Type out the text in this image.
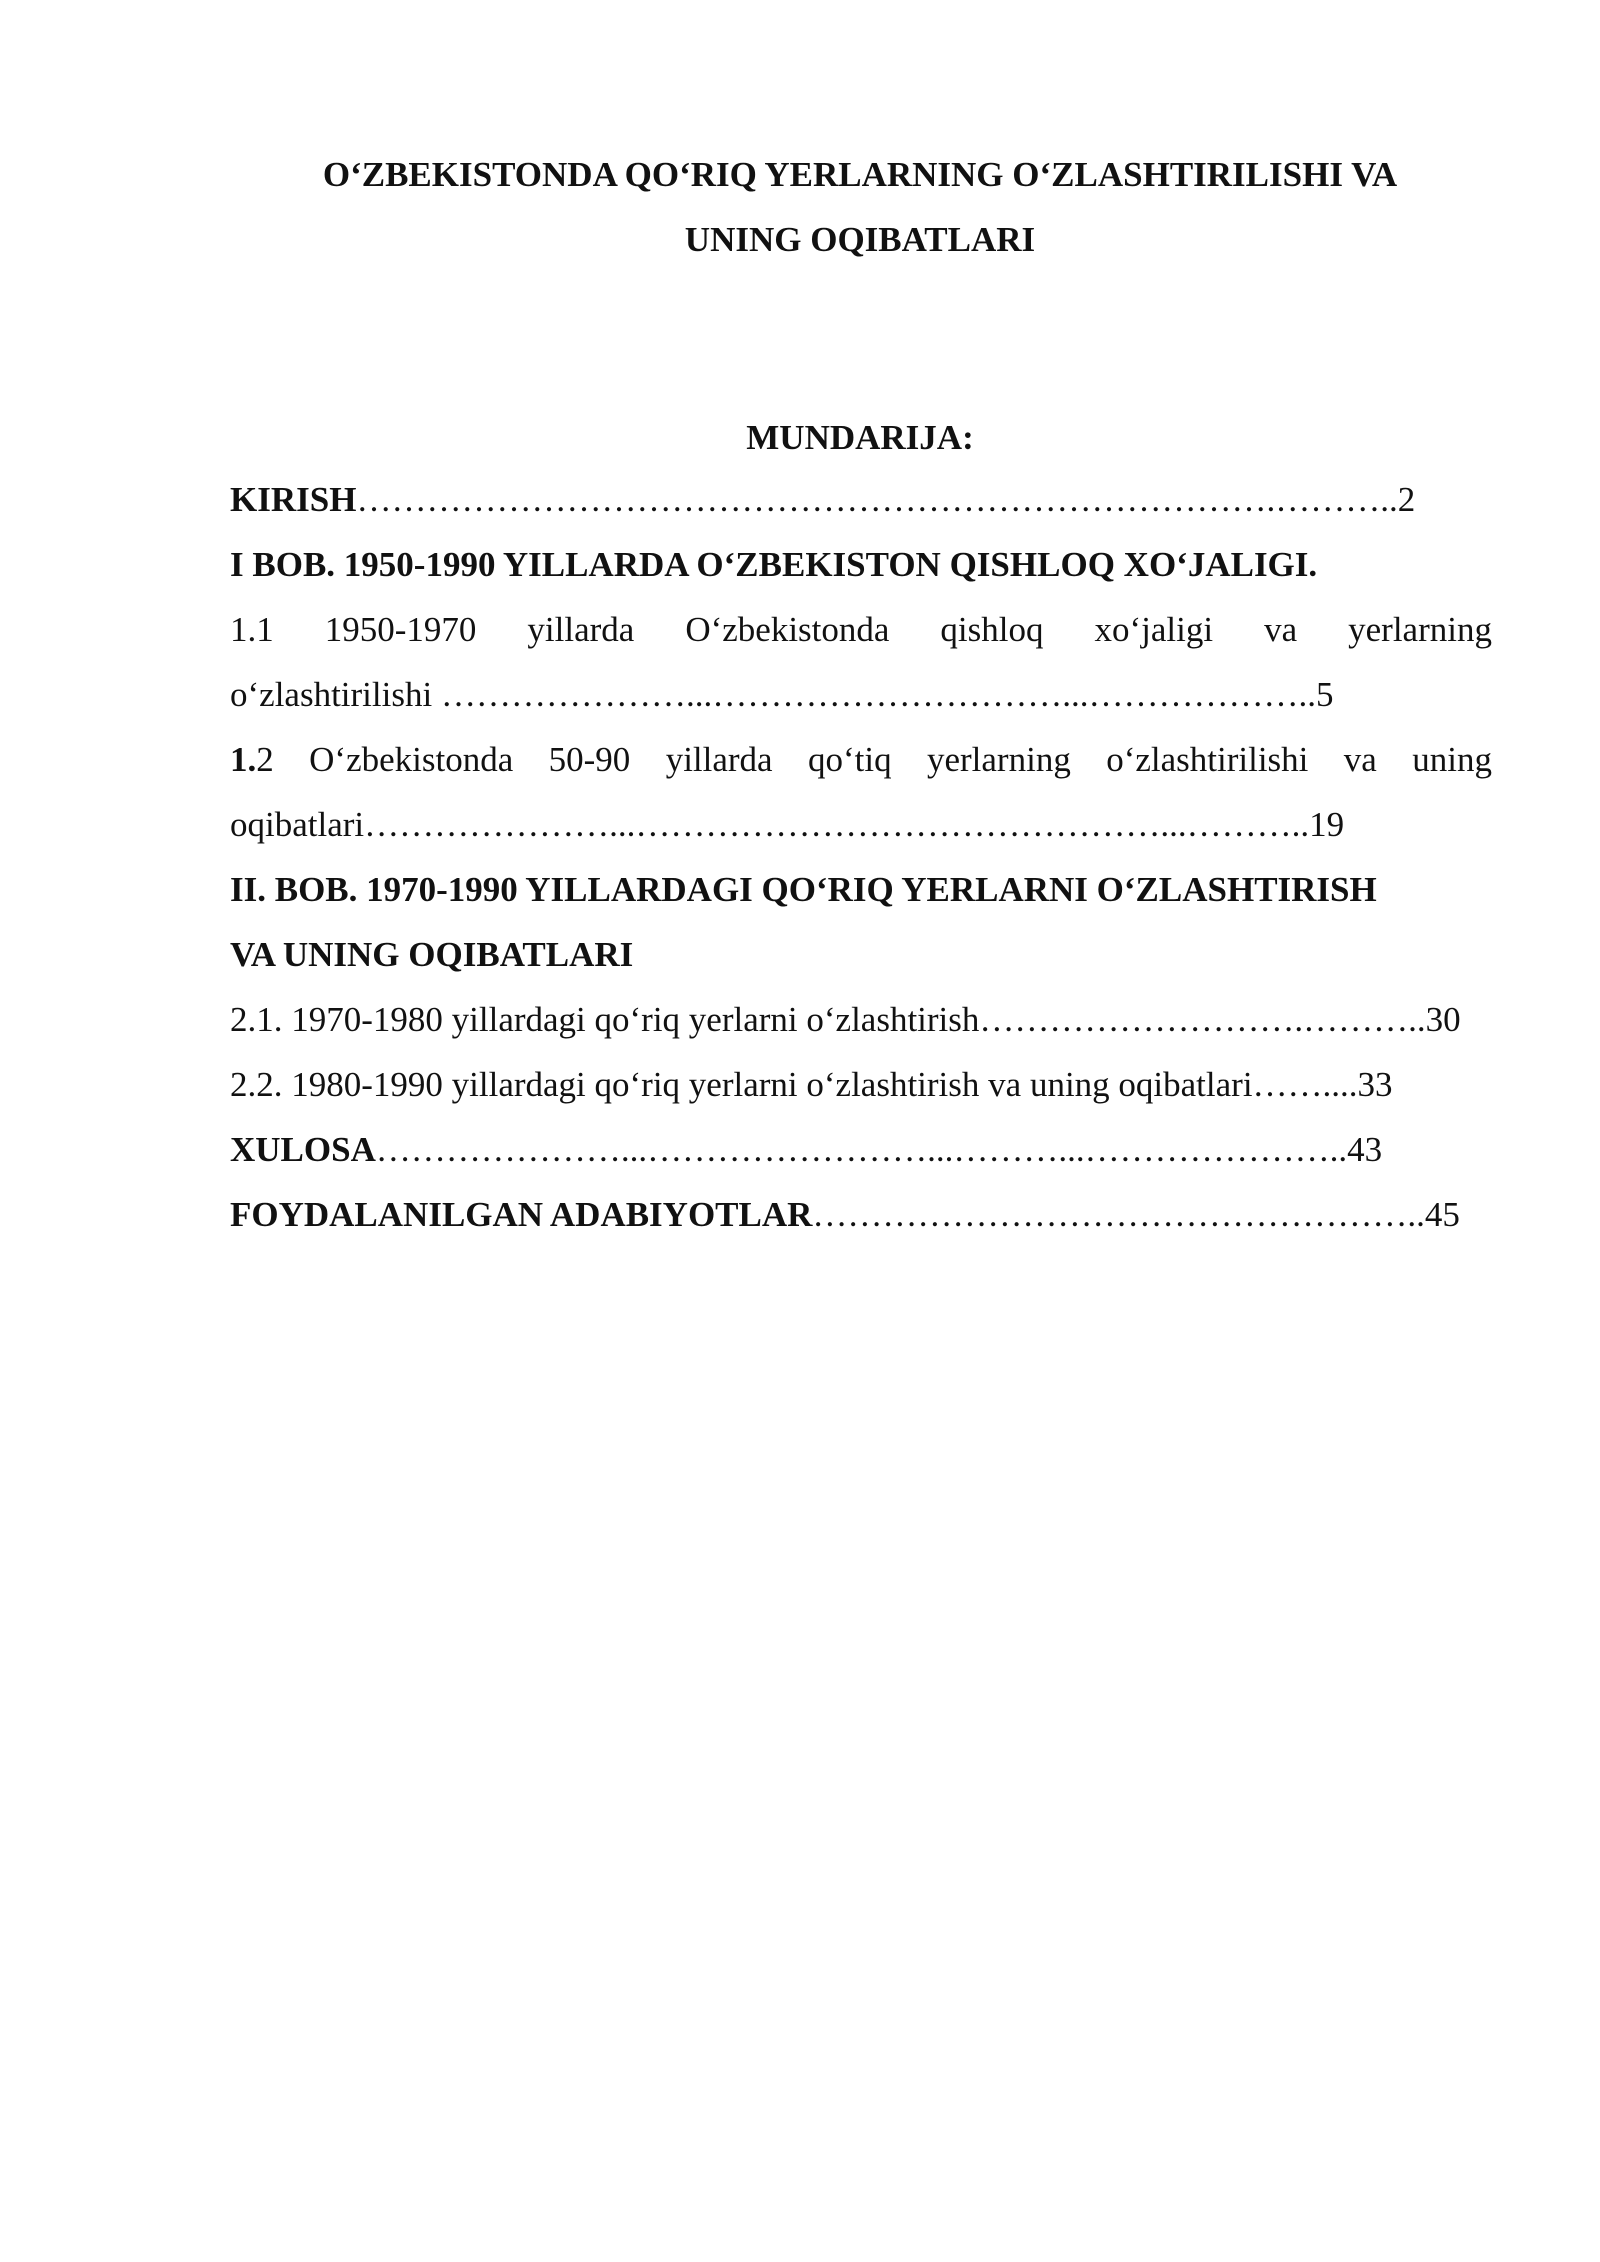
O‘ZBEKISTONDA QO‘RIQ YERLARNING O‘ZLASHTIRILISHI VA
UNING OQIBATLARI
MUNDARIJA:
KIRISH…………………………………………………………………….………..2
I BOB. 1950-1990 YILLARDA O‘ZBEKISTON QISHLOQ XO‘JALIGI.
1.1 1950-1970 yillarda O‘zbekistonda qishloq xo‘jaligi va yerlarning
o‘zlashtirilishi …………………...…………………………...………………..5
1.2 O‘zbekistonda 50-90 yillarda qo‘tiq yerlarning o‘zlashtirilishi va uning
oqibatlari…………………...………………………………………...………..19
II. BOB. 1970-1990 YILLARDAGI QO‘RIQ YERLARNI O‘ZLASHTIRISH
VA UNING OQIBATLARI
2.1. 1970-1980 yillardagi qo‘riq yerlarni o‘zlashtirish……………………….………..30
2.2. 1980-1990 yillardagi qo‘riq yerlarni o‘zlashtirish va uning oqibatlari……....33
XULOSA…………………...……………………...………...…………………..43
FOYDALANILGAN ADABIYOTLAR……………………………………………..45
